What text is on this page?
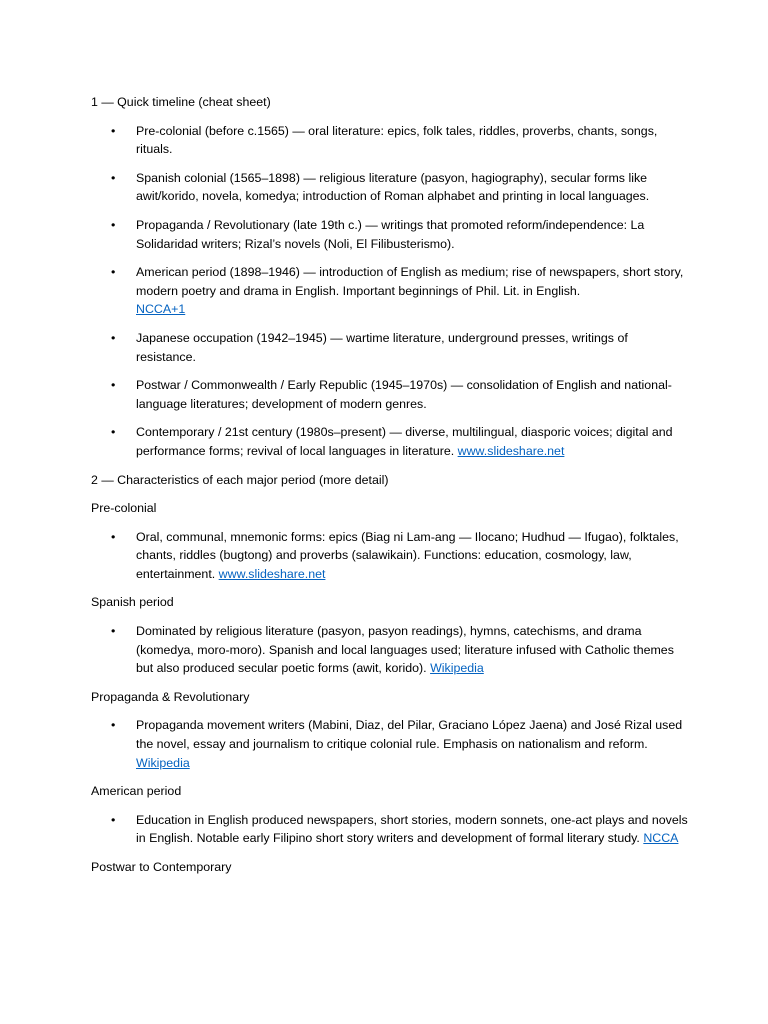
1 — Quick timeline (cheat sheet)

• Pre-colonial (before c.1565) — oral literature: epics, folk tales, riddles, proverbs, chants, songs, rituals.
• Spanish colonial (1565–1898) — religious literature (pasyon, hagiography), secular forms like awit/korido, novela, komedya; introduction of Roman alphabet and printing in local languages.
• Propaganda / Revolutionary (late 19th c.) — writings that promoted reform/independence: La Solidaridad writers; Rizal’s novels (Noli, El Filibusterismo).
• American period (1898–1946) — introduction of English as medium; rise of newspapers, short story, modern poetry and drama in English. Important beginnings of Phil. Lit. in English.
NCCA+1
• Japanese occupation (1942–1945) — wartime literature, underground presses, writings of resistance.
• Postwar / Commonwealth / Early Republic (1945–1970s) — consolidation of English and national-language literatures; development of modern genres.
• Contemporary / 21st century (1980s–present) — diverse, multilingual, diasporic voices; digital and performance forms; revival of local languages in literature. www.slideshare.net

2 — Characteristics of each major period (more detail)

Pre-colonial

• Oral, communal, mnemonic forms: epics (Biag ni Lam-ang — Ilocano; Hudhud — Ifugao), folktales, chants, riddles (bugtong) and proverbs (salawikain). Functions: education, cosmology, law, entertainment. www.slideshare.net

Spanish period

• Dominated by religious literature (pasyon, pasyon readings), hymns, catechisms, and drama (komedya, moro-moro). Spanish and local languages used; literature infused with Catholic themes but also produced secular poetic forms (awit, korido). Wikipedia

Propaganda & Revolutionary

• Propaganda movement writers (Mabini, Diaz, del Pilar, Graciano López Jaena) and José Rizal used the novel, essay and journalism to critique colonial rule. Emphasis on nationalism and reform. Wikipedia

American period

• Education in English produced newspapers, short stories, modern sonnets, one-act plays and novels in English. Notable early Filipino short story writers and development of formal literary study. NCCA

Postwar to Contemporary
